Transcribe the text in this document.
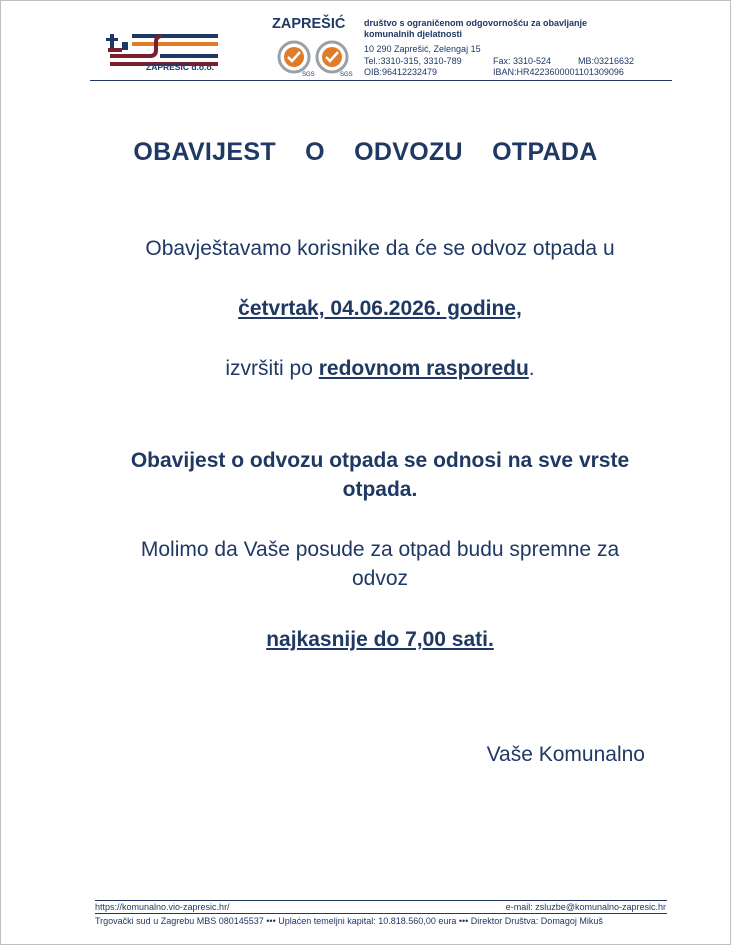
ZAPREŠIĆ d.o.o.
ZAPREŠIĆ
SGS	SGS
društvo s ograničenom odgovornošću za obavljanje
komunalnih djelatnosti
10 290 Zaprešić, Zelengaj 15
Tel.:3310-315, 3310-789	Fax: 3310-524	MB:03216632
OIB:96412232479	IBAN:HR4223600001101309096
OBAVIJEST O ODVOZU OTPADA
Obavještavamo korisnike da će se odvoz otpada u
četvrtak, 04.06.2026. godine,
izvršiti po redovnom rasporedu.
Obavijest o odvozu otpada se odnosi na sve vrste otpada.
Molimo da Vaše posude za otpad budu spremne za odvoz
najkasnije do 7,00 sati.
Vaše Komunalno
https://komunalno.vio-zapresic.hr/	e-mail: zsluzbe@komunalno-zapresic.hr
Trgovački sud u Zagrebu MBS 080145537 ••• Uplaćen temeljni kapital: 10.818.560,00 eura ••• Direktor Društva: Domagoj Mikuš
